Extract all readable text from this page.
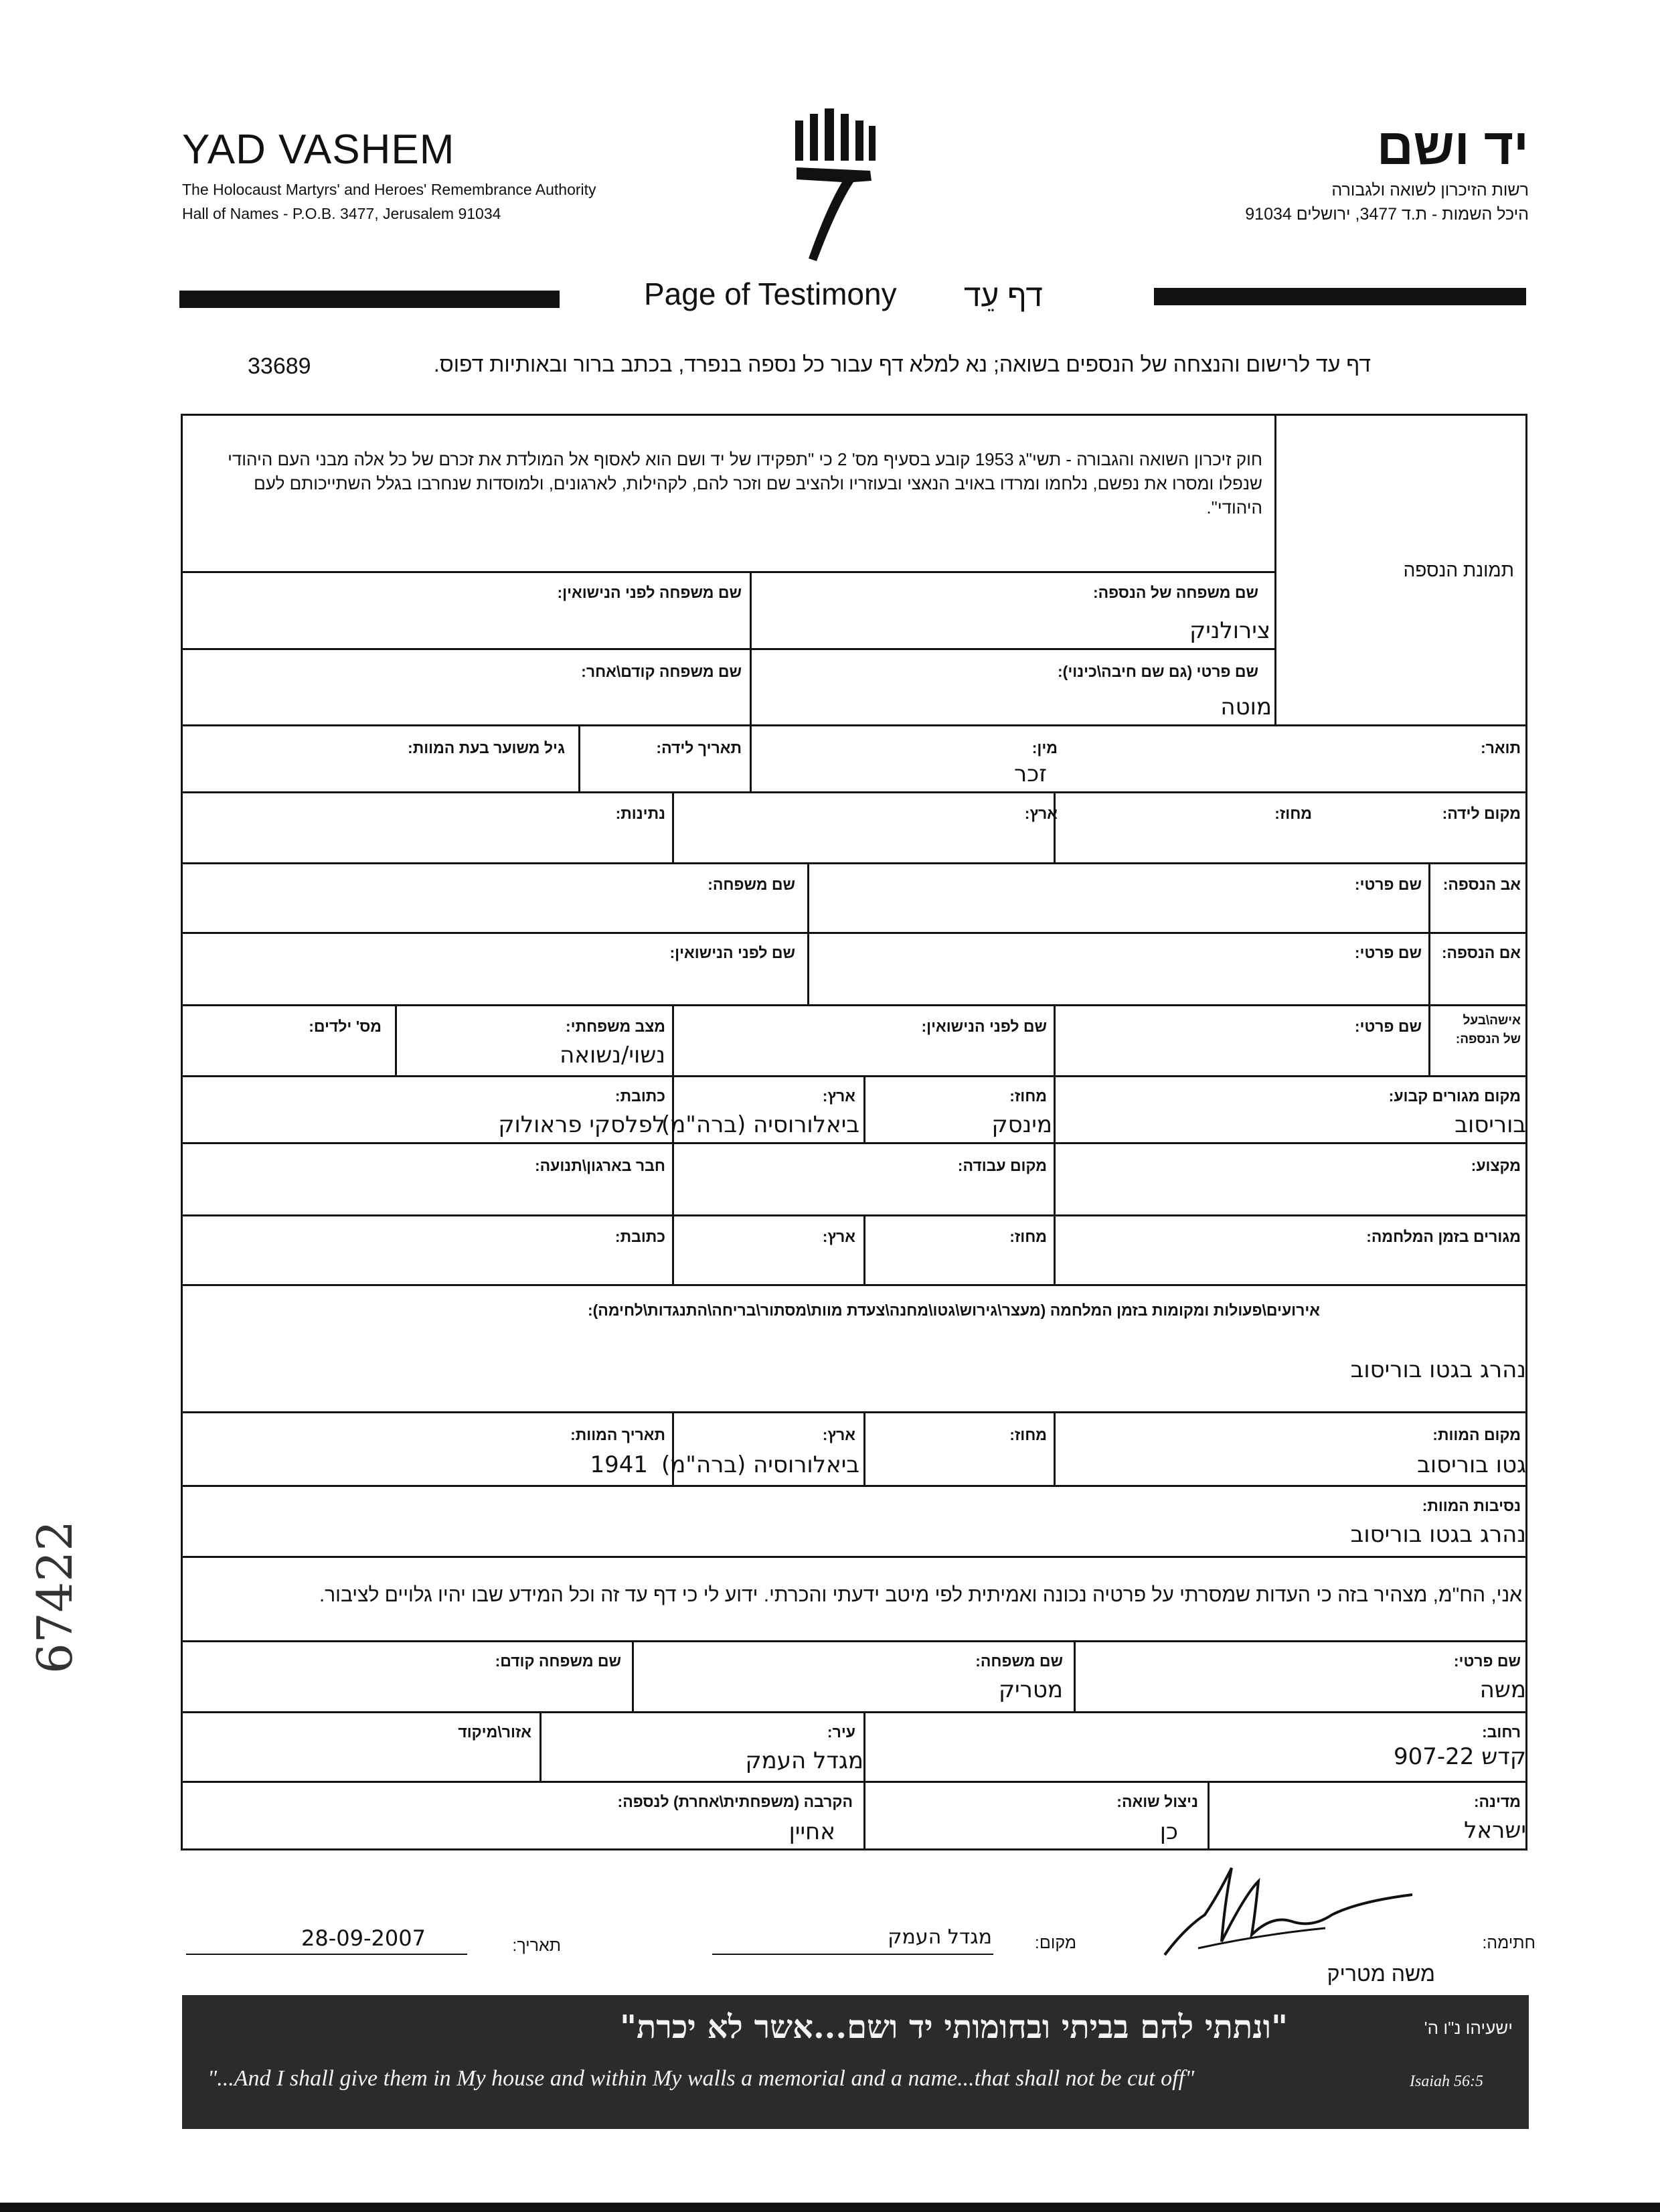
YAD VASHEM
The Holocaust Martyrs' and Heroes' Remembrance Authority
Hall of Names - P.O.B. 3477, Jerusalem 91034
יד ושם
רשות הזיכרון לשואה ולגבורה
היכל השמות - ת.ד 3477, ירושלים 91034
Page of Testimony דף עֵד
דף עד לרישום והנצחה של הנספים בשואה; נא למלא דף עבור כל נספה בנפרד, בכתב ברור ובאותיות דפוס.
33689
חוק זיכרון השואה והגבורה - תשי"ג 1953 קובע בסעיף מס' 2 כי "תפקידו של יד ושם הוא לאסוף אל המולדת את זכרם של כל אלה מבני העם היהודי שנפלו ומסרו את נפשם, נלחמו ומרדו באויב הנאצי ובעוזריו ולהציב שם וזכר להם, לקהילות, לארגונים, ולמוסדות שנחרבו בגלל השתייכותם לעם היהודי".
תמונת הנספה
שם משפחה של הנספה:
צירולניק
שם משפחה לפני הנישואין:
שם פרטי (גם שם חיבה\כינוי):
מוטה
שם משפחה קודם\אחר:
תואר:
מין:
זכר
תאריך לידה:
גיל משוער בעת המוות:
מקום לידה:
מחוז:
ארץ:
נתינות:
אב הנספה:
שם פרטי:
שם משפחה:
אם הנספה:
שם פרטי:
שם לפני הנישואין:
אישה\בעל
של הנספה:
שם פרטי:
שם לפני הנישואין:
מצב משפחתי:
נשוי/נשואה
מס' ילדים:
מקום מגורים קבוע:
בוריסוב
מחוז:
מינסק
ארץ:
ביאלורוסיה (ברה"מ)
כתובת:
לפלסקי פראולוק
מקצוע:
מקום עבודה:
חבר בארגון\תנועה:
מגורים בזמן המלחמה:
מחוז:
ארץ:
כתובת:
אירועים\פעולות ומקומות בזמן המלחמה (מעצר\גירוש\גטו\מחנה\צעדת מוות\מסתור\בריחה\התנגדות\לחימה):
נהרג בגטו בוריסוב
מקום המוות:
גטו בוריסוב
מחוז:
ארץ:
ביאלורוסיה (ברה"מ)
תאריך המוות:
1941
נסיבות המוות:
נהרג בגטו בוריסוב
אני, הח"מ, מצהיר בזה כי העדות שמסרתי על פרטיה נכונה ואמיתית לפי מיטב ידעתי והכרתי. ידוע לי כי דף עד זה וכל המידע שבו יהיו גלויים לציבור.
שם פרטי:
משה
שם משפחה:
מטריק
שם משפחה קודם:
רחוב:
קדש 907-22
עיר:
מגדל העמק
אזור\מיקוד
מדינה:
ישראל
ניצול שואה:
כן
הקרבה (משפחתית\אחרת) לנספה:
אחיין
חתימה:
משה מטריק
מקום:
מגדל העמק
תאריך:
28-09-2007
"ונתתי להם בביתי ובחומותי יד ושם...אשר לא יכרת"	ישעיהו נ"ו ה'
"...And I shall give them in My house and within My walls a memorial and a name...that shall not be cut off"	Isaiah 56:5
67422
